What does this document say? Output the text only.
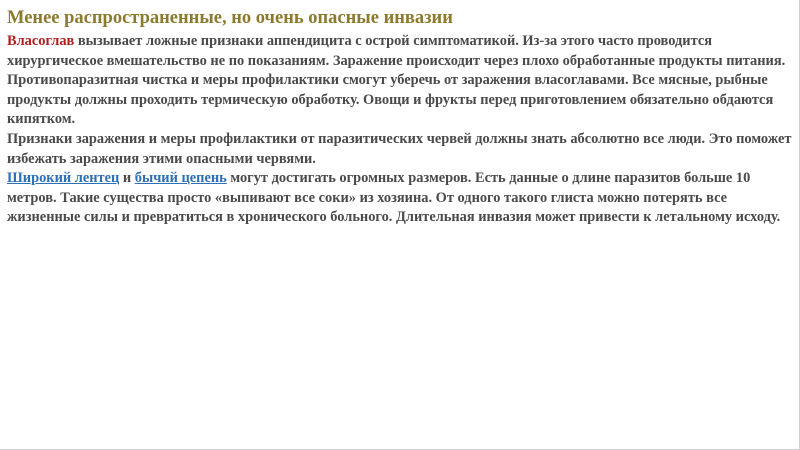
Менее распространенные, но очень опасные инвазии

Власоглав вызывает ложные признаки аппендицита с острой симптоматикой. Из-за этого часто проводится хирургическое вмешательство не по показаниям. Заражение происходит через плохо обработанные продукты питания.

Противопаразитная чистка и меры профилактики смогут уберечь от заражения власоглавами. Все мясные, рыбные продукты должны проходить термическую обработку. Овощи и фрукты перед приготовлением обязательно обдаются кипятком.

Признаки заражения и меры профилактики от паразитических червей должны знать абсолютно все люди. Это поможет избежать заражения этими опасными червями.

Широкий лентец и бычий цепень могут достигать огромных размеров. Есть данные о длине паразитов больше 10 метров. Такие существа просто «выпивают все соки» из хозяина. От одного такого глиста можно потерять все жизненные силы и превратиться в хронического больного. Длительная инвазия может привести к летальному исходу.
